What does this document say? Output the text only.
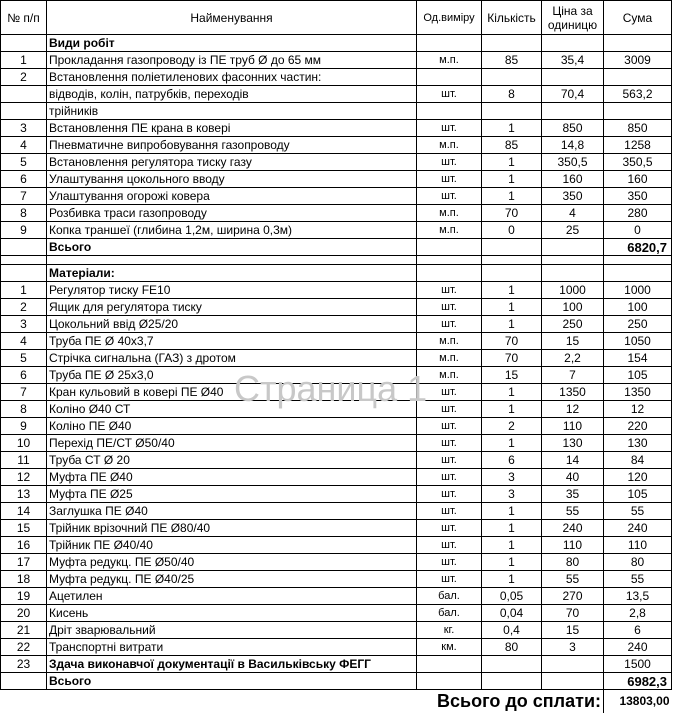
№ п/п	Найменування	Од.виміру	Кількість	Ціна за одиницю	Сума
	Види робіт				
1	Прокладання газопроводу із ПЕ труб Ø до 65 мм	м.п.	85	35,4	3009
2	Встановлення поліетиленових фасонних частин:				
	відводів, колін, патрубків, переходів	шт.	8	70,4	563,2
	трійників				
3	Встановлення ПЕ крана в ковері	шт.	1	850	850
4	Пневматичне випробовування газопроводу	м.п.	85	14,8	1258
5	Встановлення регулятора тиску газу	шт.	1	350,5	350,5
6	Улаштування цокольного вводу	шт.	1	160	160
7	Улаштування огорожі ковера	шт.	1	350	350
8	Розбивка траси газопроводу	м.п.	70	4	280
9	Копка траншеї (глибина 1,2м, ширина 0,3м)	м.п.	0	25	0
	Всього				6820,7

	Матеріали:				
1	Регулятор тиску FE10	шт.	1	1000	1000
2	Ящик для регулятора тиску	шт.	1	100	100
3	Цокольний ввід Ø25/20	шт.	1	250	250
4	Труба ПЕ Ø 40х3,7	м.п.	70	15	1050
5	Стрічка сигнальна (ГАЗ) з дротом	м.п.	70	2,2	154
6	Труба ПЕ Ø 25х3,0	м.п.	15	7	105
7	Кран кульовий в ковері ПЕ Ø40	шт.	1	1350	1350
8	Коліно Ø40 СТ	шт.	1	12	12
9	Коліно ПЕ Ø40	шт.	2	110	220
10	Перехід ПЕ/СТ Ø50/40	шт.	1	130	130
11	Труба СТ Ø 20	шт.	6	14	84
12	Муфта ПЕ Ø40	шт.	3	40	120
13	Муфта ПЕ Ø25	шт.	3	35	105
14	Заглушка ПЕ Ø40	шт.	1	55	55
15	Трійник врізочний ПЕ Ø80/40	шт.	1	240	240
16	Трійник ПЕ Ø40/40	шт.	1	110	110
17	Муфта редукц. ПЕ Ø50/40	шт.	1	80	80
18	Муфта редукц. ПЕ Ø40/25	шт.	1	55	55
19	Ацетилен	бал.	0,05	270	13,5
20	Кисень	бал.	0,04	70	2,8
21	Дріт зварювальний	кг.	0,4	15	6
22	Транспортні витрати	км.	80	3	240
23	Здача виконавчої документації в Васильківську ФЕГГ				1500
	Всього				6982,3
Всього до сплати:					13803,00
Страница 1
